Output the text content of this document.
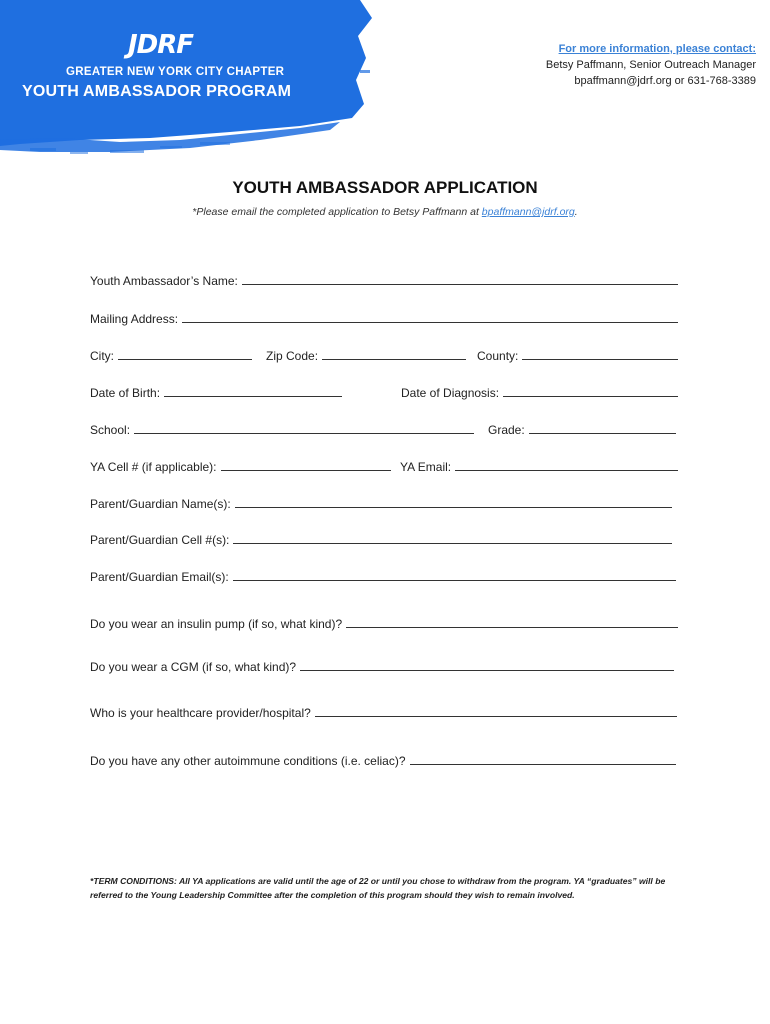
JDRF
GREATER NEW YORK CITY CHAPTER
YOUTH AMBASSADOR PROGRAM
For more information, please contact:
Betsy Paffmann, Senior Outreach Manager
bpaffmann@jdrf.org or 631-768-3389
YOUTH AMBASSADOR APPLICATION
*Please email the completed application to Betsy Paffmann at bpaffmann@jdrf.org.
Youth Ambassador’s Name:
Mailing Address:
City:	Zip Code:	County:
Date of Birth:	Date of Diagnosis:
School:	Grade:
YA Cell # (if applicable):	YA Email:
Parent/Guardian Name(s):
Parent/Guardian Cell #(s):
Parent/Guardian Email(s):
Do you wear an insulin pump (if so, what kind)?
Do you wear a CGM (if so, what kind)?
Who is your healthcare provider/hospital?
Do you have any other autoimmune conditions (i.e. celiac)?
*TERM CONDITIONS: All YA applications are valid until the age of 22 or until you chose to withdraw from the program. YA “graduates” will be referred to the Young Leadership Committee after the completion of this program should they wish to remain involved.
